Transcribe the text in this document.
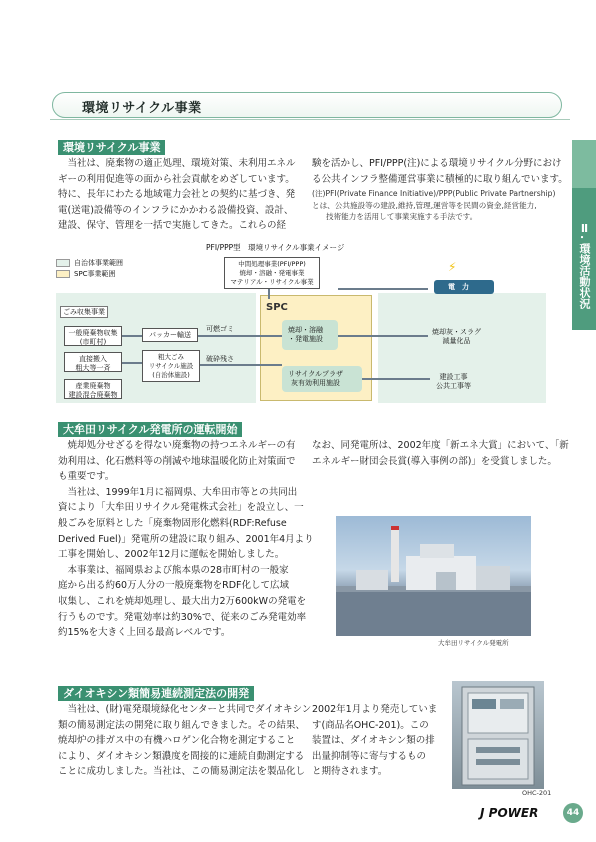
環境リサイクル事業
Ⅱ. 環境活動状況
環境リサイクル事業
　当社は、廃棄物の適正処理、環境対策、未利用エネル
ギーの利用促進等の面から社会貢献をめざしています。
特に、長年にわたる地域電力会社との契約に基づき、発
電(送電)設備等のインフラにかかわる設備投資、設計、
建設、保守、管理を一括で実施してきた。これらの経
験を活かし、PFI/PPP(注)による環境リサイクル分野におけ
る公共インフラ整備運営事業に積極的に取り組んでいます。
(注)PFI(Private Finance Initiative)/PPP(Public Private Partnership)とは、公共施設等の建設,維持,管理,運営等を民間の資金,経営能力,
技術能力を活用して事業実施する手法です。
PFI/PPP型　環境リサイクル事業イメージ
自治体事業範囲
SPC事業範囲
中間処理事業(PFI/PPP)
焼却・溶融・発電事業
マテリアル・リサイクル事業
SPC
ごみ収集事業
一般廃棄物収集
(市町村)
直接搬入
粗大等一斉
産業廃棄物
建設混合廃棄物
パッカー輸送
粗大ごみ
リサイクル施設
(自治体施設)
可燃ゴミ
破砕残さ
焼却・溶融
・発電施設
リサイクルプラザ
灰有効利用施設
電　力
⚡
焼却灰・スラグ
減量化品
建設工事
公共工事等
大牟田リサイクル発電所の運転開始
　焼却処分せざるを得ない廃棄物の持つエネルギーの有
効利用は、化石燃料等の削減や地球温暖化防止対策面で
も重要です。
　当社は、1999年1月に福岡県、大牟田市等との共同出
資により「大牟田リサイクル発電株式会社」を設立し、一
般ごみを原料とした「廃棄物固形化燃料(RDF:Refuse
Derived Fuel)」発電所の建設に取り組み、2001年4月より
工事を開始し、2002年12月に運転を開始しました。
　本事業は、福岡県および熊本県の28市町村の一般家
庭から出る約60万人分の一般廃棄物をRDF化して広域
収集し、これを焼却処理し、最大出力2万600kWの発電を
行うものです。発電効率は約30%で、従来のごみ発電効率
約15%を大きく上回る最高レベルです。
なお、同発電所は、2002年度「新エネ大賞」において、「新
エネルギー財団会長賞(導入事例の部)」を受賞しました。
大牟田リサイクル発電所
ダイオキシン類簡易連続測定法の開発
　当社は、(財)電発環境緑化センターと共同でダイオキシン
類の簡易測定法の開発に取り組んできました。その結果、
焼却炉の排ガス中の有機ハロゲン化合物を測定すること
により、ダイオキシン類濃度を間接的に連続自動測定する
ことに成功しました。当社は、この簡易測定法を製品化し
2002年1月より発売していま
す(商品名OHC-201)。この
装置は、ダイオキシン類の排
出量抑制等に寄与するもの
と期待されます。
OHC-201
J POWER	44
